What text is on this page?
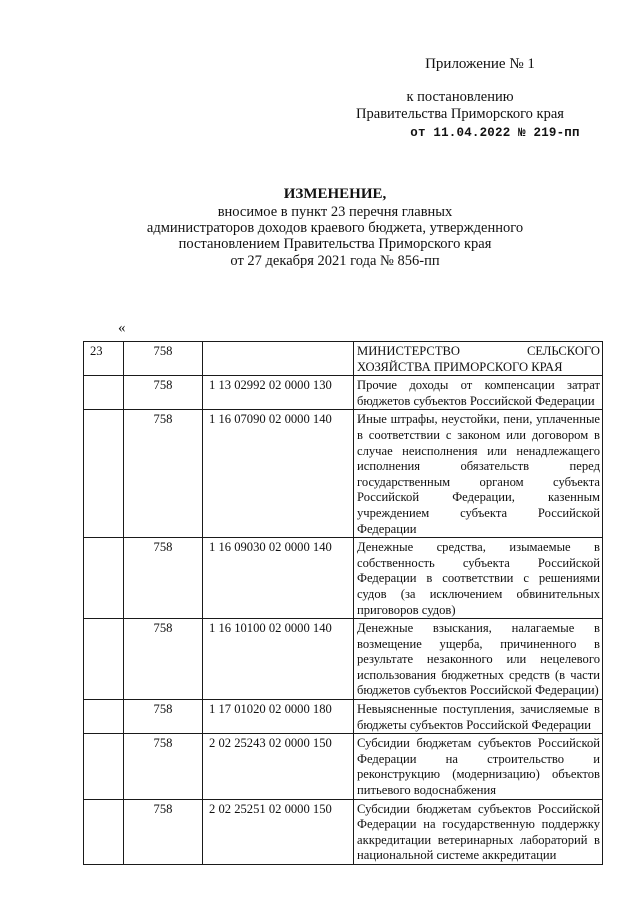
Приложение № 1
к постановлению
Правительства Приморского края
от 11.04.2022 № 219-пп
ИЗМЕНЕНИЕ,
вносимое в пункт 23 перечня главных
администраторов доходов краевого бюджета, утвержденного
постановлением Правительства Приморского края
от 27 декабря 2021 года № 856-пп
«
23	758		МИНИСТЕРСТВО СЕЛЬСКОГО ХОЗЯЙСТВА ПРИМОРСКОГО КРАЯ
	758	1 13 02992 02 0000 130	Прочие доходы от компенсации затрат бюджетов субъектов Российской Федерации
	758	1 16 07090 02 0000 140	Иные штрафы, неустойки, пени, уплаченные в соответствии с законом или договором в случае неисполнения или ненадлежащего исполнения обязательств перед государственным органом субъекта Российской Федерации, казенным учреждением субъекта Российской Федерации
	758	1 16 09030 02 0000 140	Денежные средства, изымаемые в собственность субъекта Российской Федерации в соответствии с решениями судов (за исключением обвинительных приговоров судов)
	758	1 16 10100 02 0000 140	Денежные взыскания, налагаемые в возмещение ущерба, причиненного в результате незаконного или нецелевого использования бюджетных средств (в части бюджетов субъектов Российской Федерации)
	758	1 17 01020 02 0000 180	Невыясненные поступления, зачисляемые в бюджеты субъектов Российской Федерации
	758	2 02 25243 02 0000 150	Субсидии бюджетам субъектов Российской Федерации на строительство и реконструкцию (модернизацию) объектов питьевого водоснабжения
	758	2 02 25251 02 0000 150	Субсидии бюджетам субъектов Российской Федерации на государственную поддержку аккредитации ветеринарных лабораторий в национальной системе аккредитации
